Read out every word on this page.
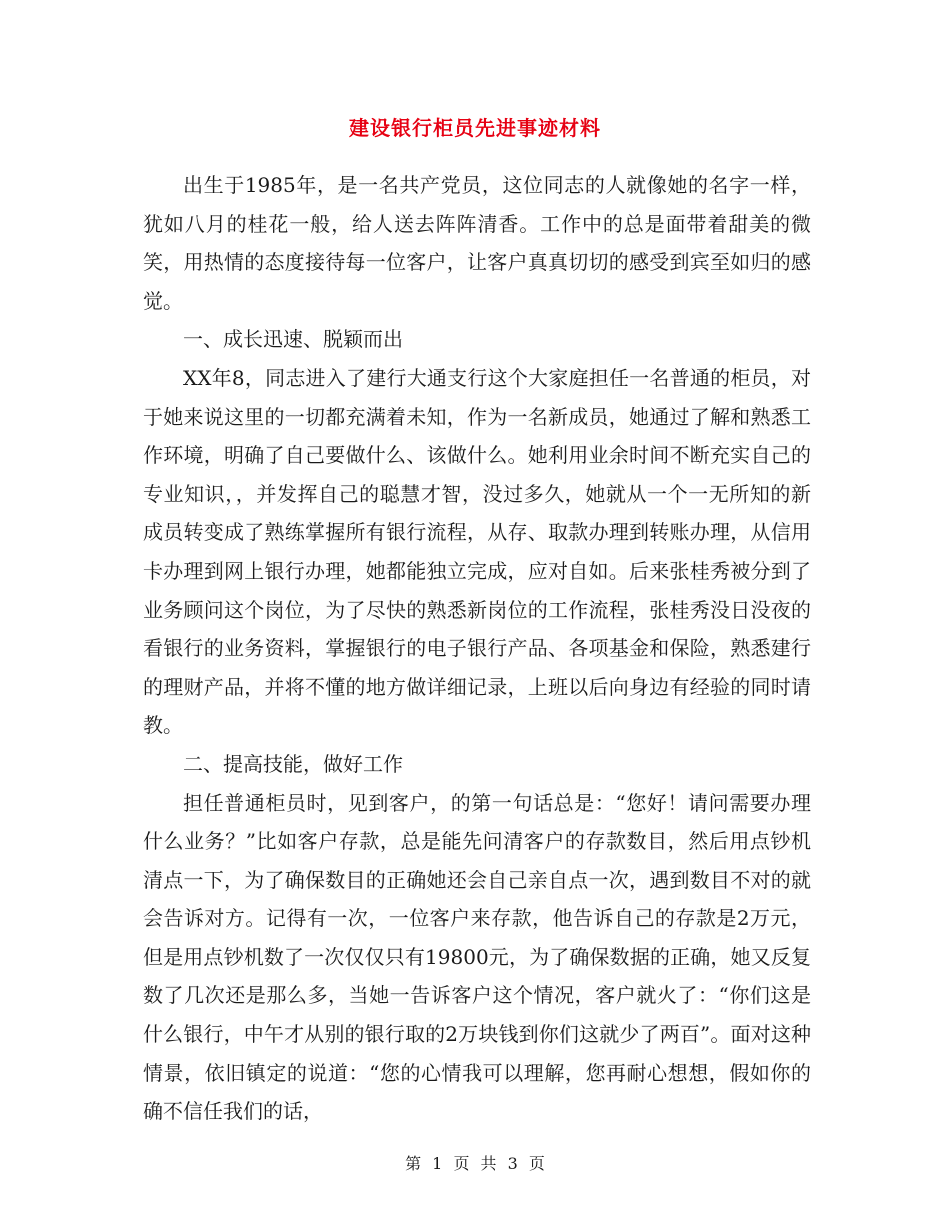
建设银行柜员先进事迹材料

出生于1985年，是一名共产党员，这位同志的人就像她的名字一样，犹如八月的桂花一般，给人送去阵阵清香。工作中的总是面带着甜美的微笑，用热情的态度接待每一位客户，让客户真真切切的感受到宾至如归的感觉。

一、成长迅速、脱颖而出

XX年8，同志进入了建行大通支行这个大家庭担任一名普通的柜员，对于她来说这里的一切都充满着未知，作为一名新成员，她通过了解和熟悉工作环境，明确了自己要做什么、该做什么。她利用业余时间不断充实自己的专业知识，，并发挥自己的聪慧才智，没过多久，她就从一个一无所知的新成员转变成了熟练掌握所有银行流程，从存、取款办理到转账办理，从信用卡办理到网上银行办理，她都能独立完成，应对自如。后来张桂秀被分到了业务顾问这个岗位，为了尽快的熟悉新岗位的工作流程，张桂秀没日没夜的看银行的业务资料，掌握银行的电子银行产品、各项基金和保险，熟悉建行的理财产品，并将不懂的地方做详细记录，上班以后向身边有经验的同时请教。

二、提高技能，做好工作

担任普通柜员时，见到客户，的第一句话总是：“您好！请问需要办理什么业务？”比如客户存款，总是能先问清客户的存款数目，然后用点钞机清点一下，为了确保数目的正确她还会自己亲自点一次，遇到数目不对的就会告诉对方。记得有一次，一位客户来存款，他告诉自己的存款是2万元，但是用点钞机数了一次仅仅只有19800元，为了确保数据的正确，她又反复数了几次还是那么多，当她一告诉客户这个情况，客户就火了：“你们这是什么银行，中午才从别的银行取的2万块钱到你们这就少了两百”。面对这种情景，依旧镇定的说道：“您的心情我可以理解，您再耐心想想，假如你的确不信任我们的话，

第 1 页 共 3 页
